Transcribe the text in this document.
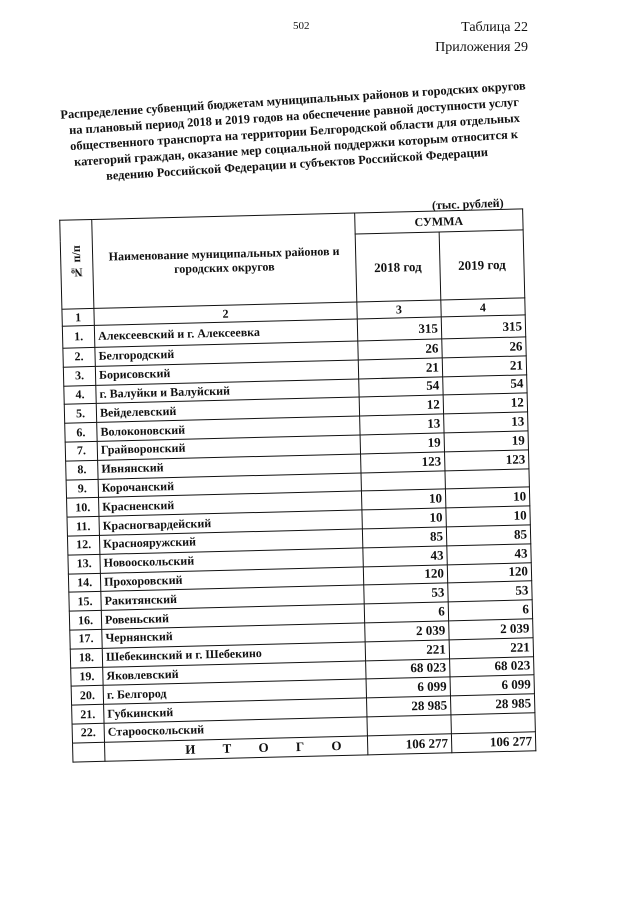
502	Таблица 22
Приложения 29
Распределение субвенций бюджетам муниципальных районов и городских округов на плановый период 2018 и 2019 годов на обеспечение равной доступности услуг общественного транспорта на территории Белгородской области для отдельных категорий граждан, оказание мер социальной поддержки которым относится к ведению Российской Федерации и субъектов Российской Федерации
(тыс. рублей)
№ п/п	Наименование муниципальных районов и городских округов	СУММА	
		2018 год	2019 год
1	2	3	4
1.	Алексеевский и г. Алексеевка	315	315
2.	Белгородский	26	26
3.	Борисовский	21	21
4.	г. Валуйки и Валуйский	54	54
5.	Вейделевский	12	12
6.	Волоконовский	13	13
7.	Грайворонский	19	19
8.	Ивнянский	123	123
9.	Корочанский		
10.	Красненский	10	10
11.	Красногвардейский	10	10
12.	Краснояружский	85	85
13.	Новооскольский	43	43
14.	Прохоровский	120	120
15.	Ракитянский	53	53
16.	Ровеньский	6	6
17.	Чернянский	2 039	2 039
18.	Шебекинский и г. Шебекино	221	221
19.	Яковлевский	68 023	68 023
20.	г. Белгород	6 099	6 099
21.	Губкинский	28 985	28 985
22.	Старооскольский		
	И Т О Г О	106 277	106 277
